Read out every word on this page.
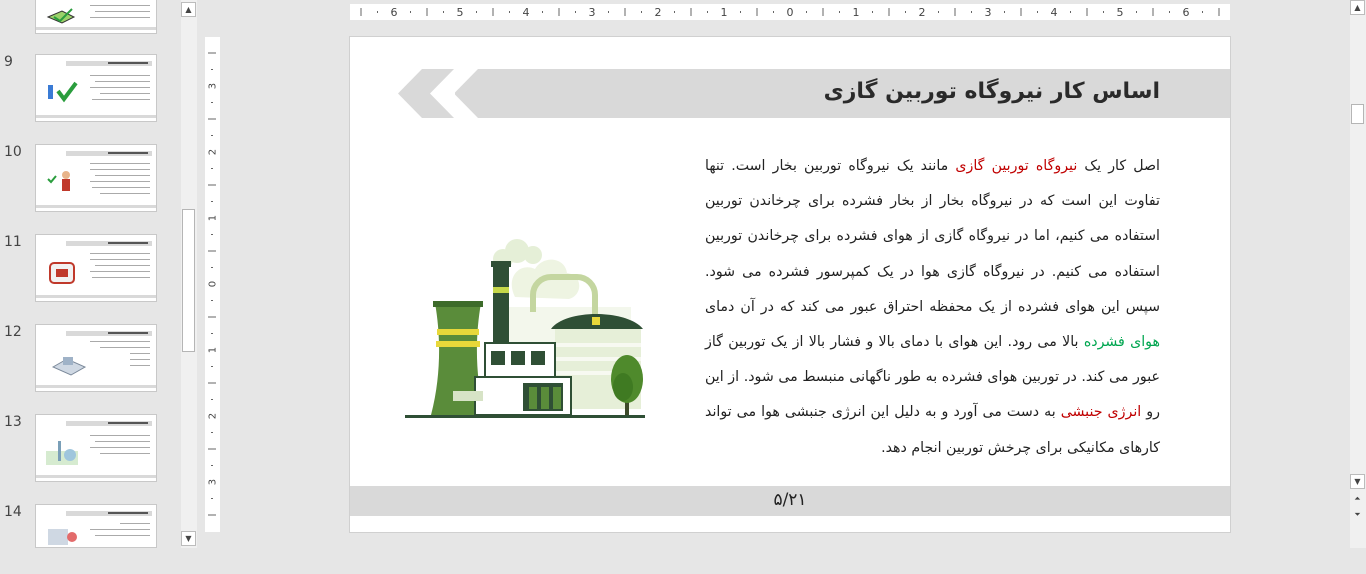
9
10
11
12
13
14
▲
▼
6	5	4	3	2	1	0	1	2	3	4	5	6
3
2
1
0
1
2
3
اساس کار نیروگاه توربین گازی
اصل کار یک نیروگاه توربین گازی مانند یک نیروگاه توربین بخار است. تنها تفاوت این است که در نیروگاه بخار از بخار فشرده برای چرخاندن توربین استفاده می کنیم، اما در نیروگاه گازی از هوای فشرده برای چرخاندن توربین استفاده می کنیم. در نیروگاه گازی هوا در یک کمپرسور فشرده می شود. سپس این هوای فشرده از یک محفظه احتراق عبور می کند که در آن دمای هوای فشرده بالا می رود. این هوای با دمای بالا و فشار بالا از یک توربین گاز عبور می کند. در توربین هوای فشرده به طور ناگهانی منبسط می شود. از این رو انرژی جنبشی به دست می آورد و به دلیل این انرژی جنبشی هوا می تواند کارهای مکانیکی برای چرخش توربین انجام دهد.
۵/۲۱
▲
▼
⏶
⏷
